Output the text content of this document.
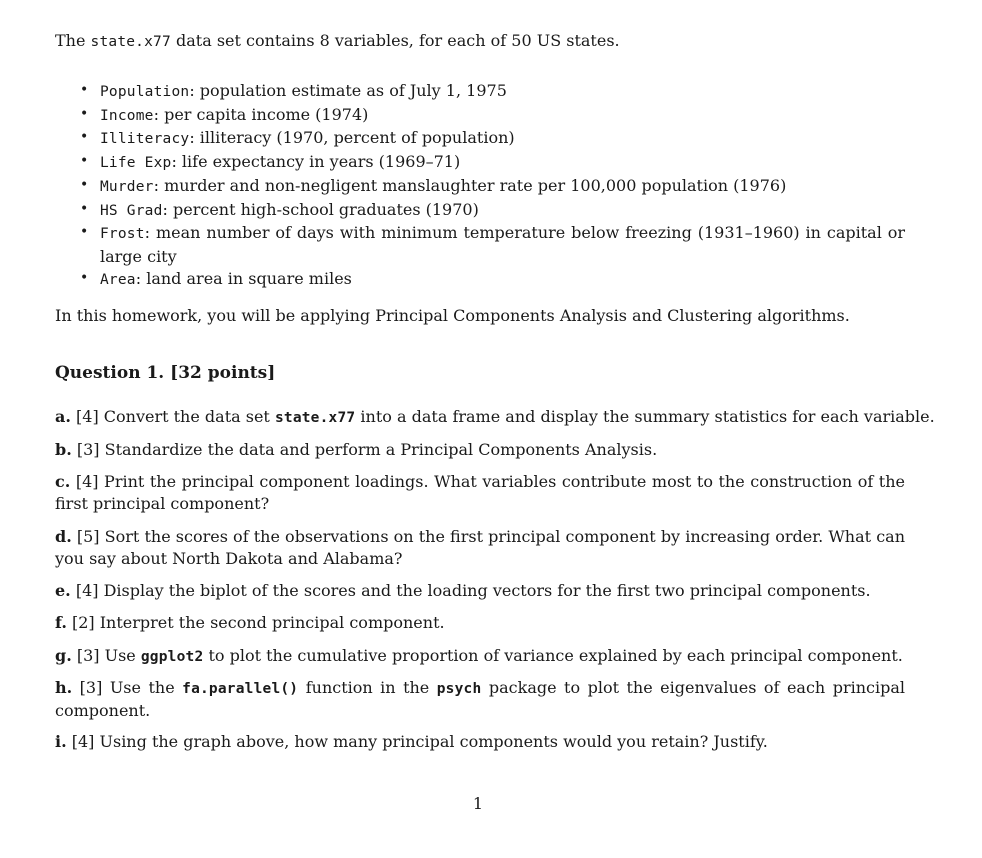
The state.x77 data set contains 8 variables, for each of 50 US states.
• Population: population estimate as of July 1, 1975
• Income: per capita income (1974)
• Illiteracy: illiteracy (1970, percent of population)
• Life Exp: life expectancy in years (1969–71)
• Murder: murder and non-negligent manslaughter rate per 100,000 population (1976)
• HS Grad: percent high-school graduates (1970)
• Frost: mean number of days with minimum temperature below freezing (1931–1960) in capital or large city
• Area: land area in square miles
In this homework, you will be applying Principal Components Analysis and Clustering algorithms.
Question 1. [32 points]
a. [4] Convert the data set state.x77 into a data frame and display the summary statistics for each variable.
b. [3] Standardize the data and perform a Principal Components Analysis.
c. [4] Print the principal component loadings. What variables contribute most to the construction of the first principal component?
d. [5] Sort the scores of the observations on the first principal component by increasing order. What can you say about North Dakota and Alabama?
e. [4] Display the biplot of the scores and the loading vectors for the first two principal components.
f. [2] Interpret the second principal component.
g. [3] Use ggplot2 to plot the cumulative proportion of variance explained by each principal component.
h. [3] Use the fa.parallel() function in the psych package to plot the eigenvalues of each principal component.
i. [4] Using the graph above, how many principal components would you retain? Justify.
1
